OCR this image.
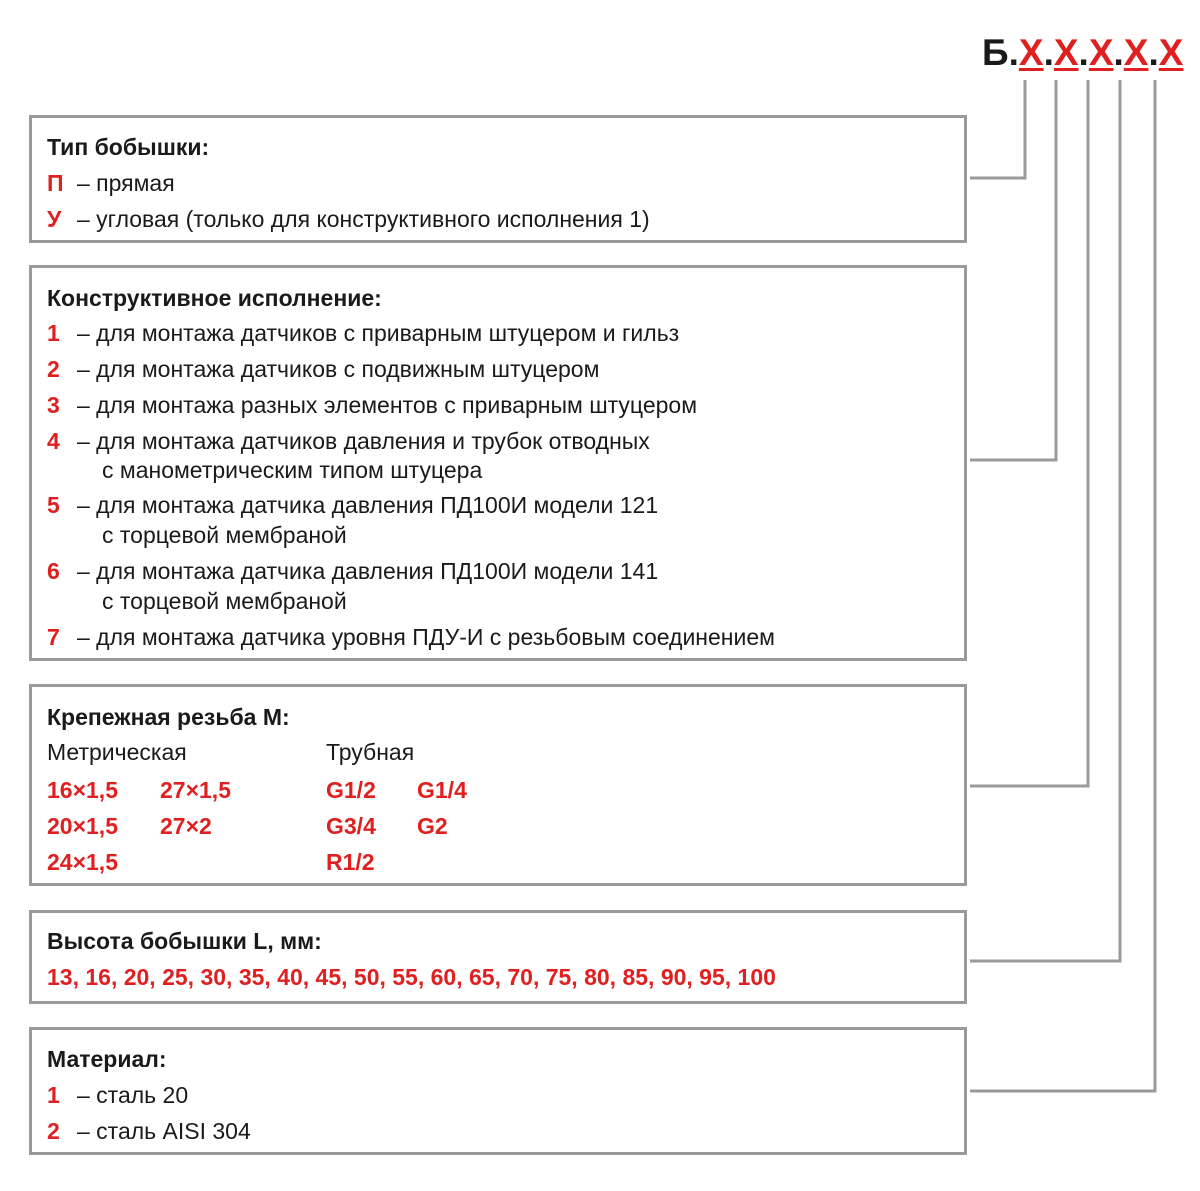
Б.Х.Х.Х.Х.Х
Тип бобышки:
П – прямая
У – угловая (только для конструктивного исполнения 1)
Конструктивное исполнение:
1 – для монтажа датчиков с приварным штуцером и гильз
2 – для монтажа датчиков с подвижным штуцером
3 – для монтажа разных элементов с приварным штуцером
4 – для монтажа датчиков давления и трубок отводных
с манометрическим типом штуцера
5 – для монтажа датчика давления ПД100И модели 121
с торцевой мембраной
6 – для монтажа датчика давления ПД100И модели 141
с торцевой мембраной
7 – для монтажа датчика уровня ПДУ-И с резьбовым соединением
Крепежная резьба М:
Метрическая	Трубная
16×1,5 27×1,5
20×1,5 27×2
24×1,5
G1/2 G1/4
G3/4 G2
R1/2
Высота бобышки L, мм:
13, 16, 20, 25, 30, 35, 40, 45, 50, 55, 60, 65, 70, 75, 80, 85, 90, 95, 100
Материал:
1 – сталь 20
2 – сталь AISI 304
